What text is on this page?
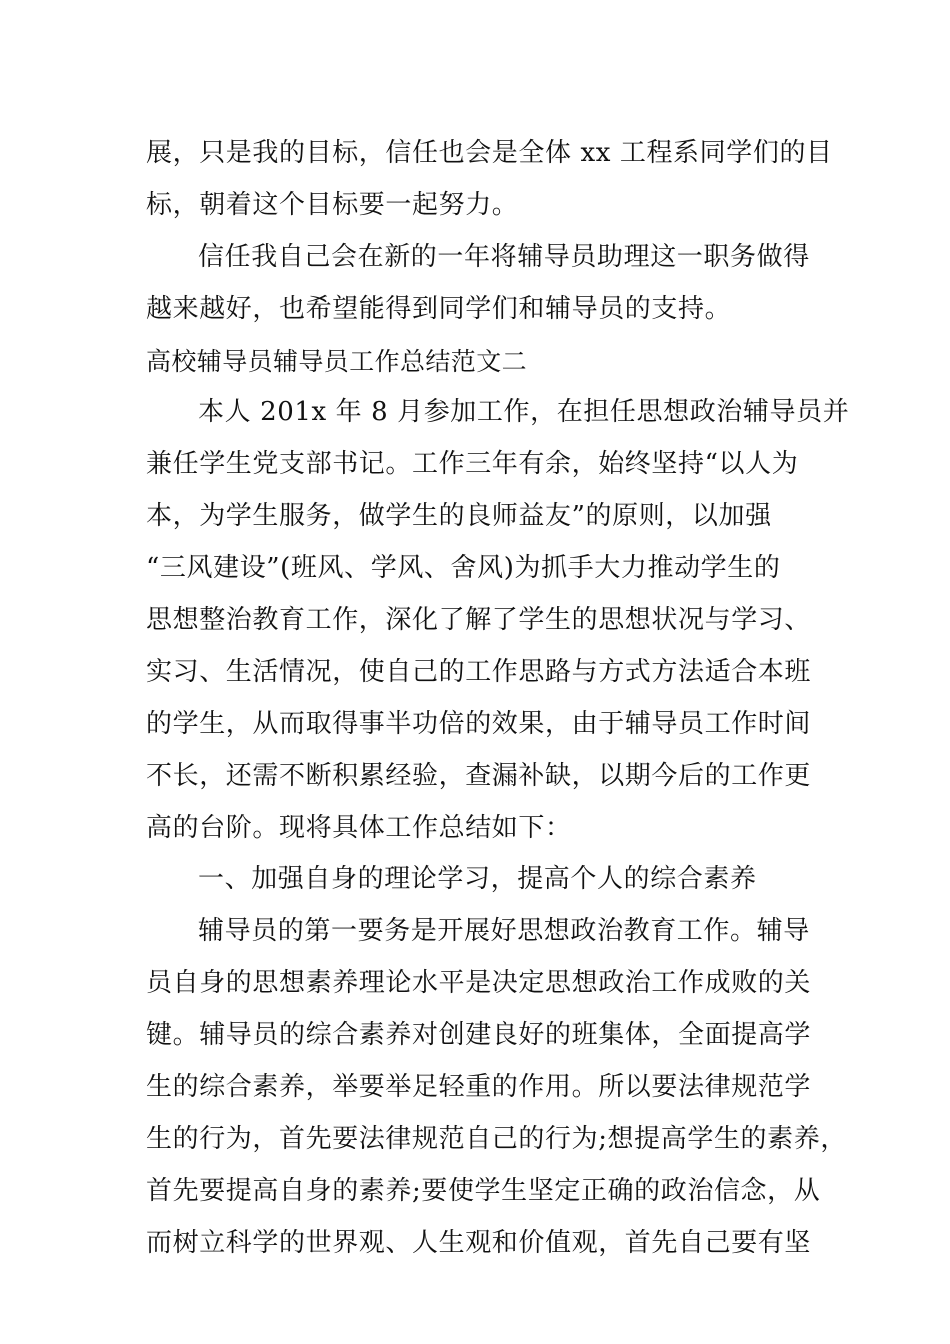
展，只是我的目标，信任也会是全体 xx 工程系同学们的目
标，朝着这个目标要一起努力。
信任我自己会在新的一年将辅导员助理这一职务做得
越来越好，也希望能得到同学们和辅导员的支持。
高校辅导员辅导员工作总结范文二
本人 201x 年 8 月参加工作，在担任思想政治辅导员并
兼任学生党支部书记。工作三年有余，始终坚持“以人为
本，为学生服务，做学生的良师益友”的原则，以加强
“三风建设”(班风、学风、舍风)为抓手大力推动学生的
思想整治教育工作，深化了解了学生的思想状况与学习、
实习、生活情况，使自己的工作思路与方式方法适合本班
的学生，从而取得事半功倍的效果，由于辅导员工作时间
不长，还需不断积累经验，查漏补缺，以期今后的工作更
高的台阶。现将具体工作总结如下：
一、加强自身的理论学习，提高个人的综合素养
辅导员的第一要务是开展好思想政治教育工作。辅导
员自身的思想素养理论水平是决定思想政治工作成败的关
键。辅导员的综合素养对创建良好的班集体，全面提高学
生的综合素养，举要举足轻重的作用。所以要法律规范学
生的行为，首先要法律规范自己的行为;想提高学生的素养，
首先要提高自身的素养;要使学生坚定正确的政治信念，从
而树立科学的世界观、人生观和价值观，首先自己要有坚
